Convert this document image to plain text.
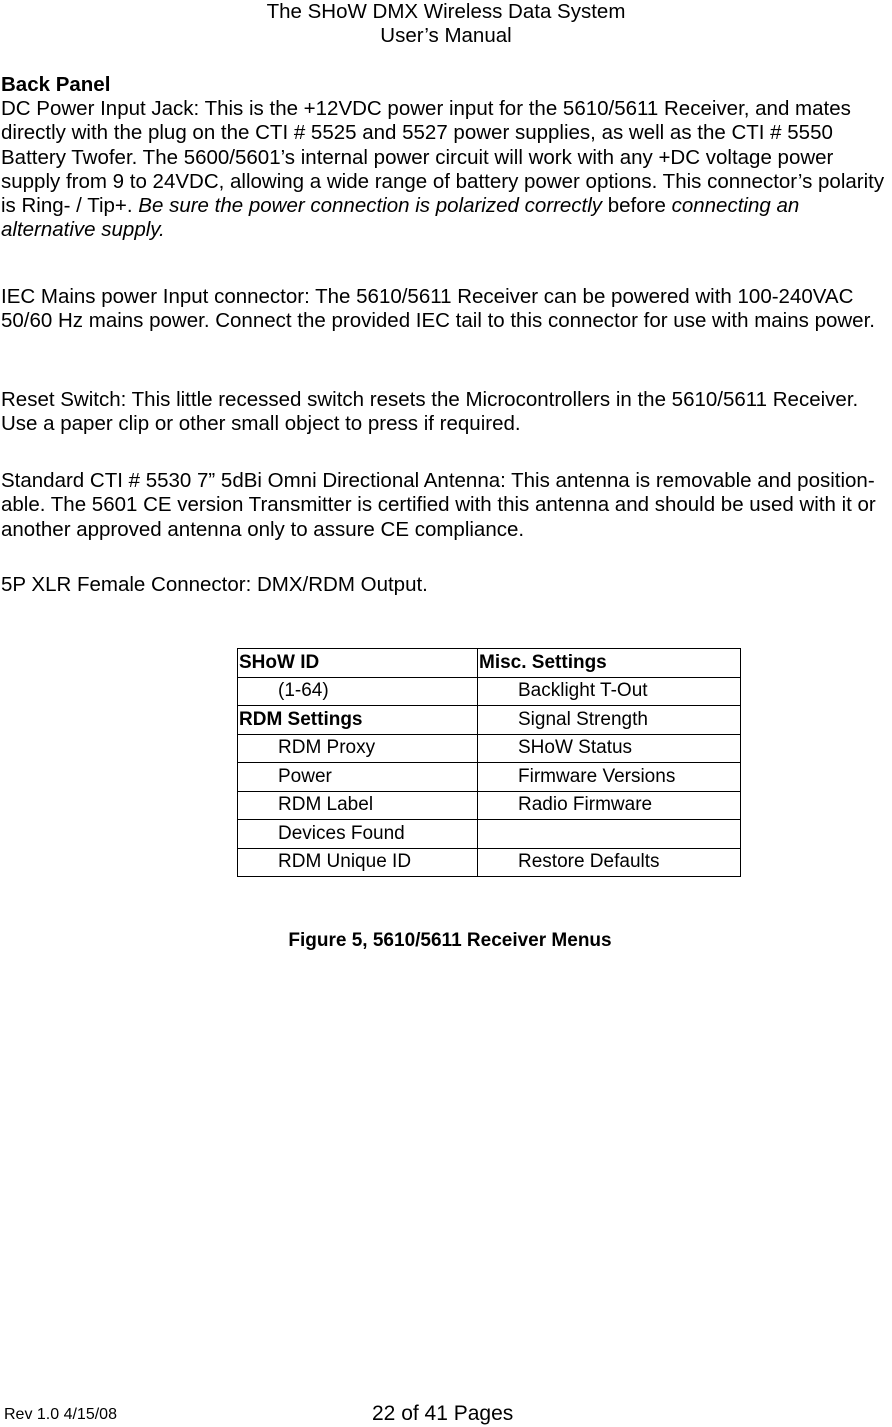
The SHoW DMX Wireless Data System
User’s Manual
Back Panel
DC Power Input Jack: This is the +12VDC power input for the 5610/5611 Receiver, and mates directly with the plug on the CTI # 5525 and 5527 power supplies, as well as the CTI # 5550 Battery Twofer. The 5600/5601’s internal power circuit will work with any +DC voltage power supply from 9 to 24VDC, allowing a wide range of battery power options. This connector’s polarity is Ring- / Tip+. Be sure the power connection is polarized correctly before connecting an alternative supply.
IEC Mains power Input connector: The 5610/5611 Receiver can be powered with 100-240VAC 50/60 Hz mains power. Connect the provided IEC tail to this connector for use with mains power.
Reset Switch: This little recessed switch resets the Microcontrollers in the 5610/5611 Receiver. Use a paper clip or other small object to press if required.
Standard CTI # 5530 7” 5dBi Omni Directional Antenna: This antenna is removable and position-able. The 5601 CE version Transmitter is certified with this antenna and should be used with it or another approved antenna only to assure CE compliance.
5P XLR Female Connector: DMX/RDM Output.
SHoW ID	Misc. Settings
(1-64)	Backlight T-Out
RDM Settings	Signal Strength
RDM Proxy	SHoW Status
Power	Firmware Versions
RDM Label	Radio Firmware
Devices Found	
RDM Unique ID	Restore Defaults
Figure 5, 5610/5611 Receiver Menus
Rev 1.0 4/15/08	22 of 41 Pages
